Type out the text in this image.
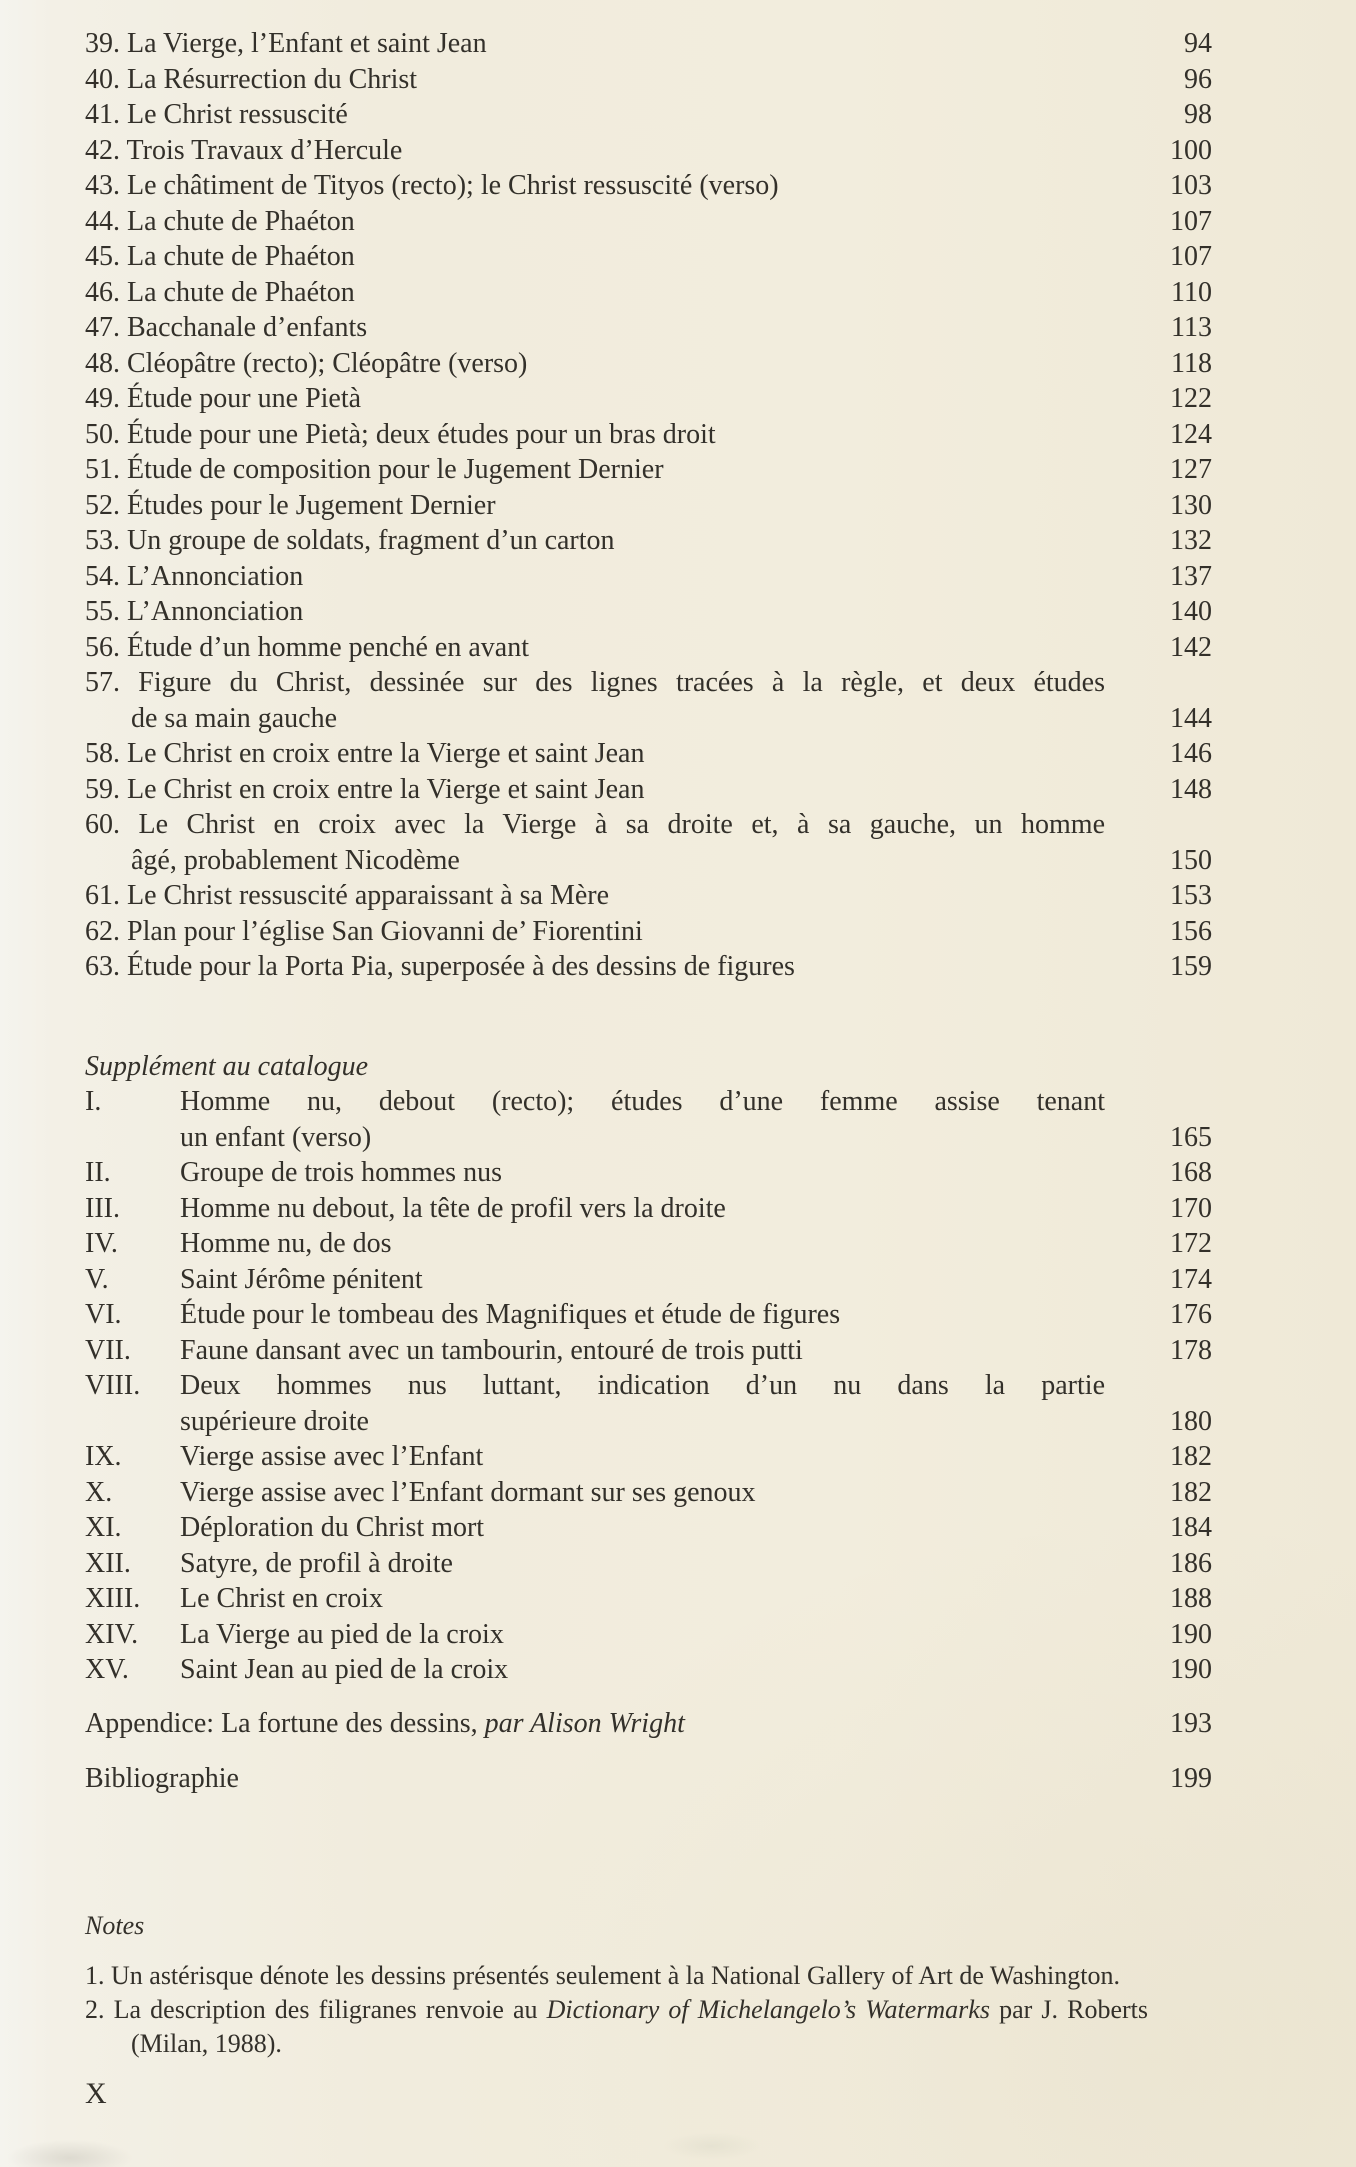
39. La Vierge, l’Enfant et saint Jean	94
40. La Résurrection du Christ	96
41. Le Christ ressuscité	98
42. Trois Travaux d’Hercule	100
43. Le châtiment de Tityos (recto); le Christ ressuscité (verso)	103
44. La chute de Phaéton	107
45. La chute de Phaéton	107
46. La chute de Phaéton	110
47. Bacchanale d’enfants	113
48. Cléopâtre (recto); Cléopâtre (verso)	118
49. Étude pour une Pietà	122
50. Étude pour une Pietà; deux études pour un bras droit	124
51. Étude de composition pour le Jugement Dernier	127
52. Études pour le Jugement Dernier	130
53. Un groupe de soldats, fragment d’un carton	132
54. L’Annonciation	137
55. L’Annonciation	140
56. Étude d’un homme penché en avant	142
57. Figure du Christ, dessinée sur des lignes tracées à la règle, et deux études
de sa main gauche	144
58. Le Christ en croix entre la Vierge et saint Jean	146
59. Le Christ en croix entre la Vierge et saint Jean	148
60. Le Christ en croix avec la Vierge à sa droite et, à sa gauche, un homme
âgé, probablement Nicodème	150
61. Le Christ ressuscité apparaissant à sa Mère	153
62. Plan pour l’église San Giovanni de’ Fiorentini	156
63. Étude pour la Porta Pia, superposée à des dessins de figures	159
Supplément au catalogue
I.	Homme nu, debout (recto); études d’une femme assise tenant
un enfant (verso)	165
II. Groupe de trois hommes nus	168
III. Homme nu debout, la tête de profil vers la droite	170
IV. Homme nu, de dos	172
V.	Saint Jérôme pénitent	174
VI. Étude pour le tombeau des Magnifiques et étude de figures	176
VII. Faune dansant avec un tambourin, entouré de trois putti	178
VIII. Deux hommes nus luttant, indication d’un nu dans la partie
supérieure droite	180
IX. Vierge assise avec l’Enfant	182
X. Vierge assise avec l’Enfant dormant sur ses genoux	182
XI. Déploration du Christ mort	184
XII. Satyre, de profil à droite	186
XIII. Le Christ en croix	188
XIV. La Vierge au pied de la croix	190
XV. Saint Jean au pied de la croix	190
Appendice: La fortune des dessins, par Alison Wright	193
Bibliographie	199
Notes
1. Un astérisque dénote les dessins présentés seulement à la National Gallery of Art de Washington.
2. La description des filigranes renvoie au Dictionary of Michelangelo’s Watermarks par J. Roberts
(Milan, 1988).
X
